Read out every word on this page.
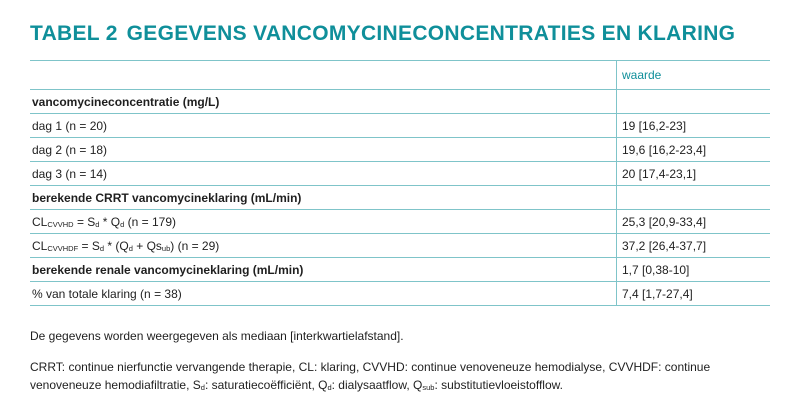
TABEL 2 GEGEVENS VANCOMYCINECONCENTRATIES EN KLARING
waarde
vancomycineconcentratie (mg/L)
dag 1 (n = 20)	19 [16,2-23]
dag 2 (n = 18)	19,6 [16,2-23,4]
dag 3 (n = 14)	20 [17,4-23,1]
berekende CRRT vancomycineklaring (mL/min)
$CL_{CVVHD} = S_d * Q_d$ (n = 179)	25,3 [20,9-33,4]
$CL_{CVVHDF} = S_d * (Q_d + Qs_{ub}) (n = 29)$	37,2 [26,4-37,7]
berekende renale vancomycineklaring (mL/min)	1,7 [0,38-10]
% van totale klaring (n = 38)	7,4 [1,7-27,4]
De gegevens worden weergegeven als mediaan [interkwartielafstand].
CRRT: continue nierfunctie vervangende therapie, CL: klaring, CVVHD: continue venoveneuze hemodialyse, CVVHDF: continue venoveneuze hemodiafiltratie, $S_d$: saturatiecoëfficiënt, $Q_d$: dialysaatflow, $Q_{sub}$: substitutievloeistofflow.
